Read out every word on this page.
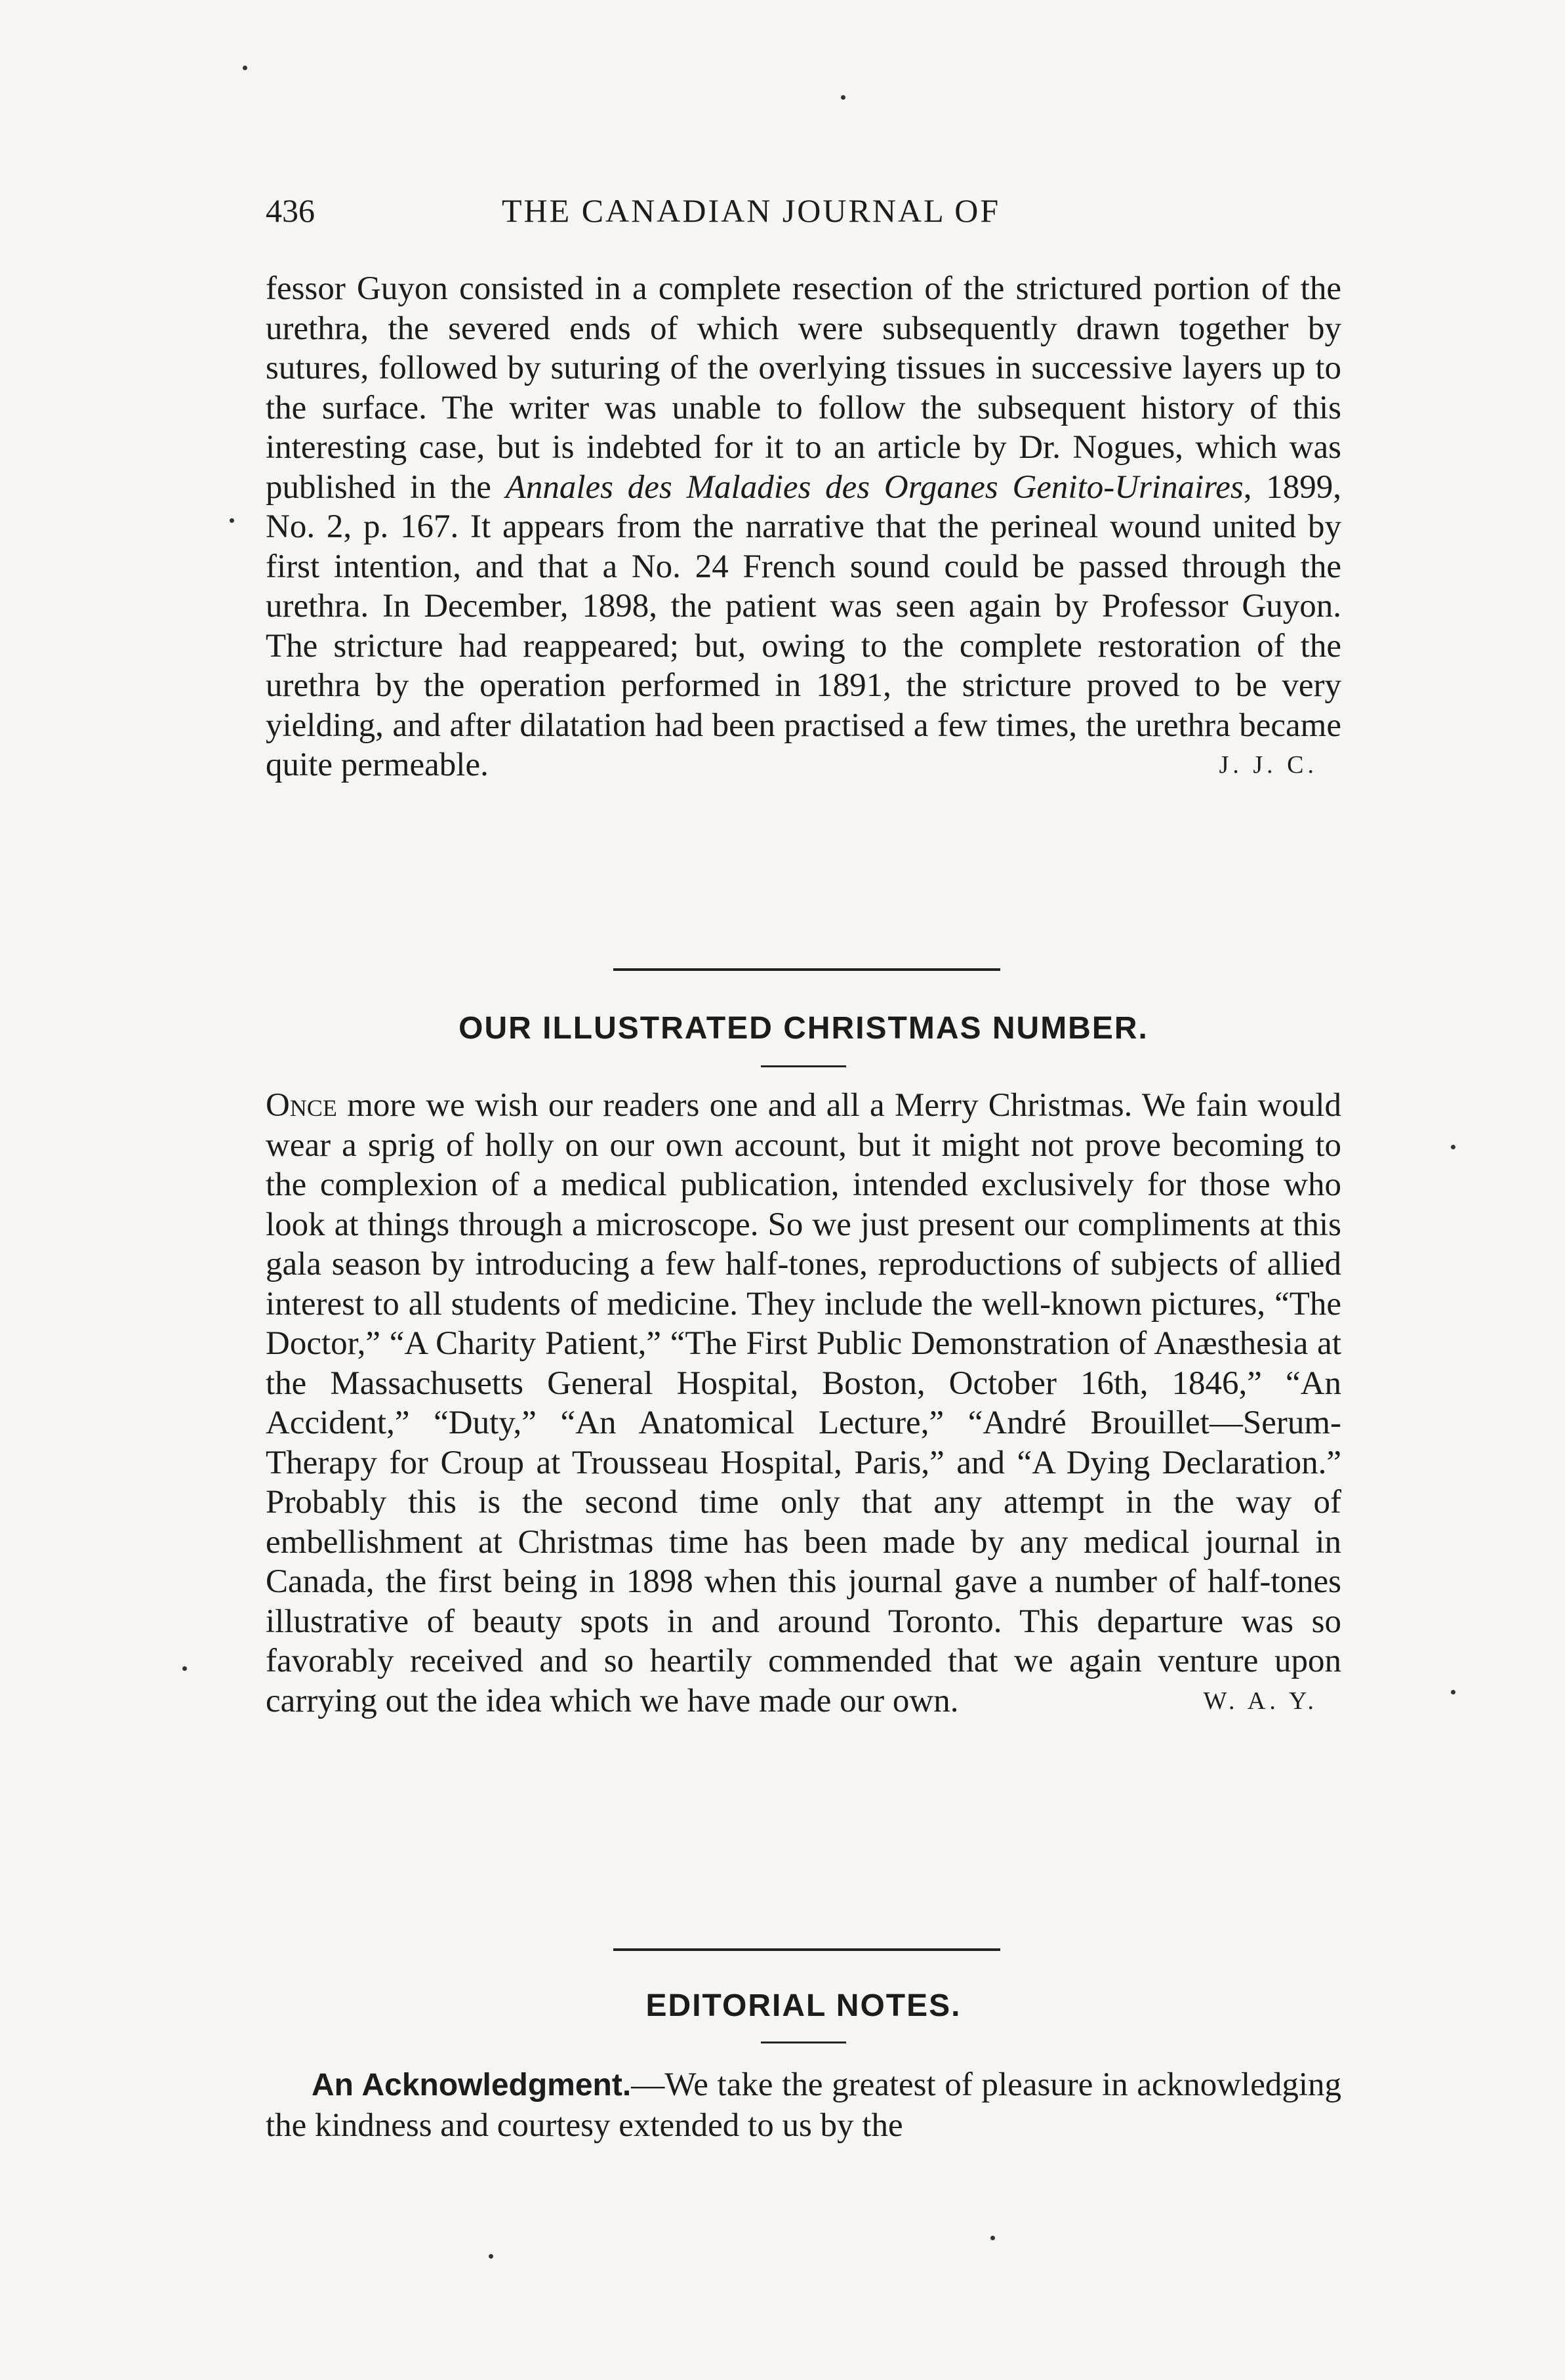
436	THE CANADIAN JOURNAL OF

fessor Guyon consisted in a complete resection of the strictured portion of the urethra, the severed ends of which were subsequently drawn together by sutures, followed by suturing of the overlying tissues in successive layers up to the surface. The writer was unable to follow the subsequent history of this interesting case, but is indebted for it to an article by Dr. Nogues, which was published in the Annales des Maladies des Organes Genito-Urinaires, 1899, No. 2, p. 167. It appears from the narrative that the perineal wound united by first intention, and that a No. 24 French sound could be passed through the urethra. In December, 1898, the patient was seen again by Professor Guyon. The stricture had reappeared; but, owing to the complete restoration of the urethra by the operation performed in 1891, the stricture proved to be very yielding, and after dilatation had been practised a few times, the urethra became quite permeable.	J. J. C.

OUR ILLUSTRATED CHRISTMAS NUMBER.

Once more we wish our readers one and all a Merry Christmas. We fain would wear a sprig of holly on our own account, but it might not prove becoming to the complexion of a medical publication, intended exclusively for those who look at things through a microscope. So we just present our compliments at this gala season by introducing a few half-tones, reproductions of subjects of allied interest to all students of medicine. They include the well-known pictures, “The Doctor,” “A Charity Patient,” “The First Public Demonstration of Anæsthesia at the Massachusetts General Hospital, Boston, October 16th, 1846,” “An Accident,” “Duty,” “An Anatomical Lecture,” “André Brouillet—Serum-Therapy for Croup at Trousseau Hospital, Paris,” and “A Dying Declaration.” Probably this is the second time only that any attempt in the way of embellishment at Christmas time has been made by any medical journal in Canada, the first being in 1898 when this journal gave a number of half-tones illustrative of beauty spots in and around Toronto. This departure was so favorably received and so heartily commended that we again venture upon carrying out the idea which we have made our own.	W. A. Y.

EDITORIAL NOTES.

An Acknowledgment.—We take the greatest of pleasure in acknowledging the kindness and courtesy extended to us by the
